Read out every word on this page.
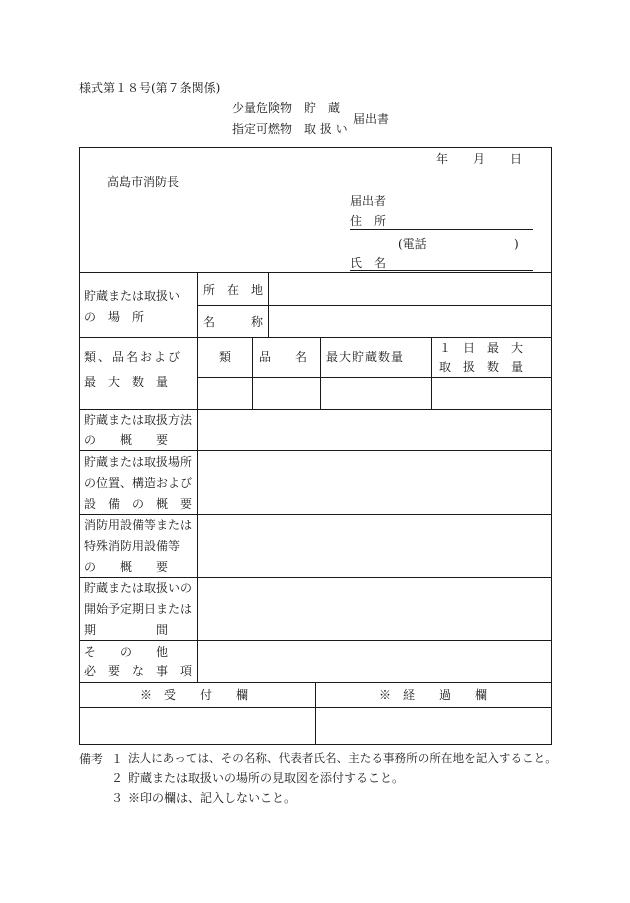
様式第１８号(第７条関係)
少量危険物　貯　蔵
指定可燃物　取 扱 い
届出書
年 月 日
高島市消防長
届出者
住　所
(電話	)
氏　名
貯蔵または取扱い
の　場　所
所　在　地
名　　　称
類、品名および
最　大　数　量
類 品　　名 最大貯蔵数量
１　日　最　大
取　扱　数　量
貯蔵または取扱方法
の　　概　　要
貯蔵または取扱場所
の位置、構造および
設　備　の　概　要
消防用設備等または
特殊消防用設備等
の　　概　　要
貯蔵または取扱いの
開始予定期日または
期　　　　　間
そ　　の　　他
必　要　な　事　項
※　受　　付　　欄	※　経　　過　　欄
備考 １ 法人にあっては、その名称、代表者氏名、主たる事務所の所在地を記入すること。
２ 貯蔵または取扱いの場所の見取図を添付すること。
３ ※印の欄は、記入しないこと。
